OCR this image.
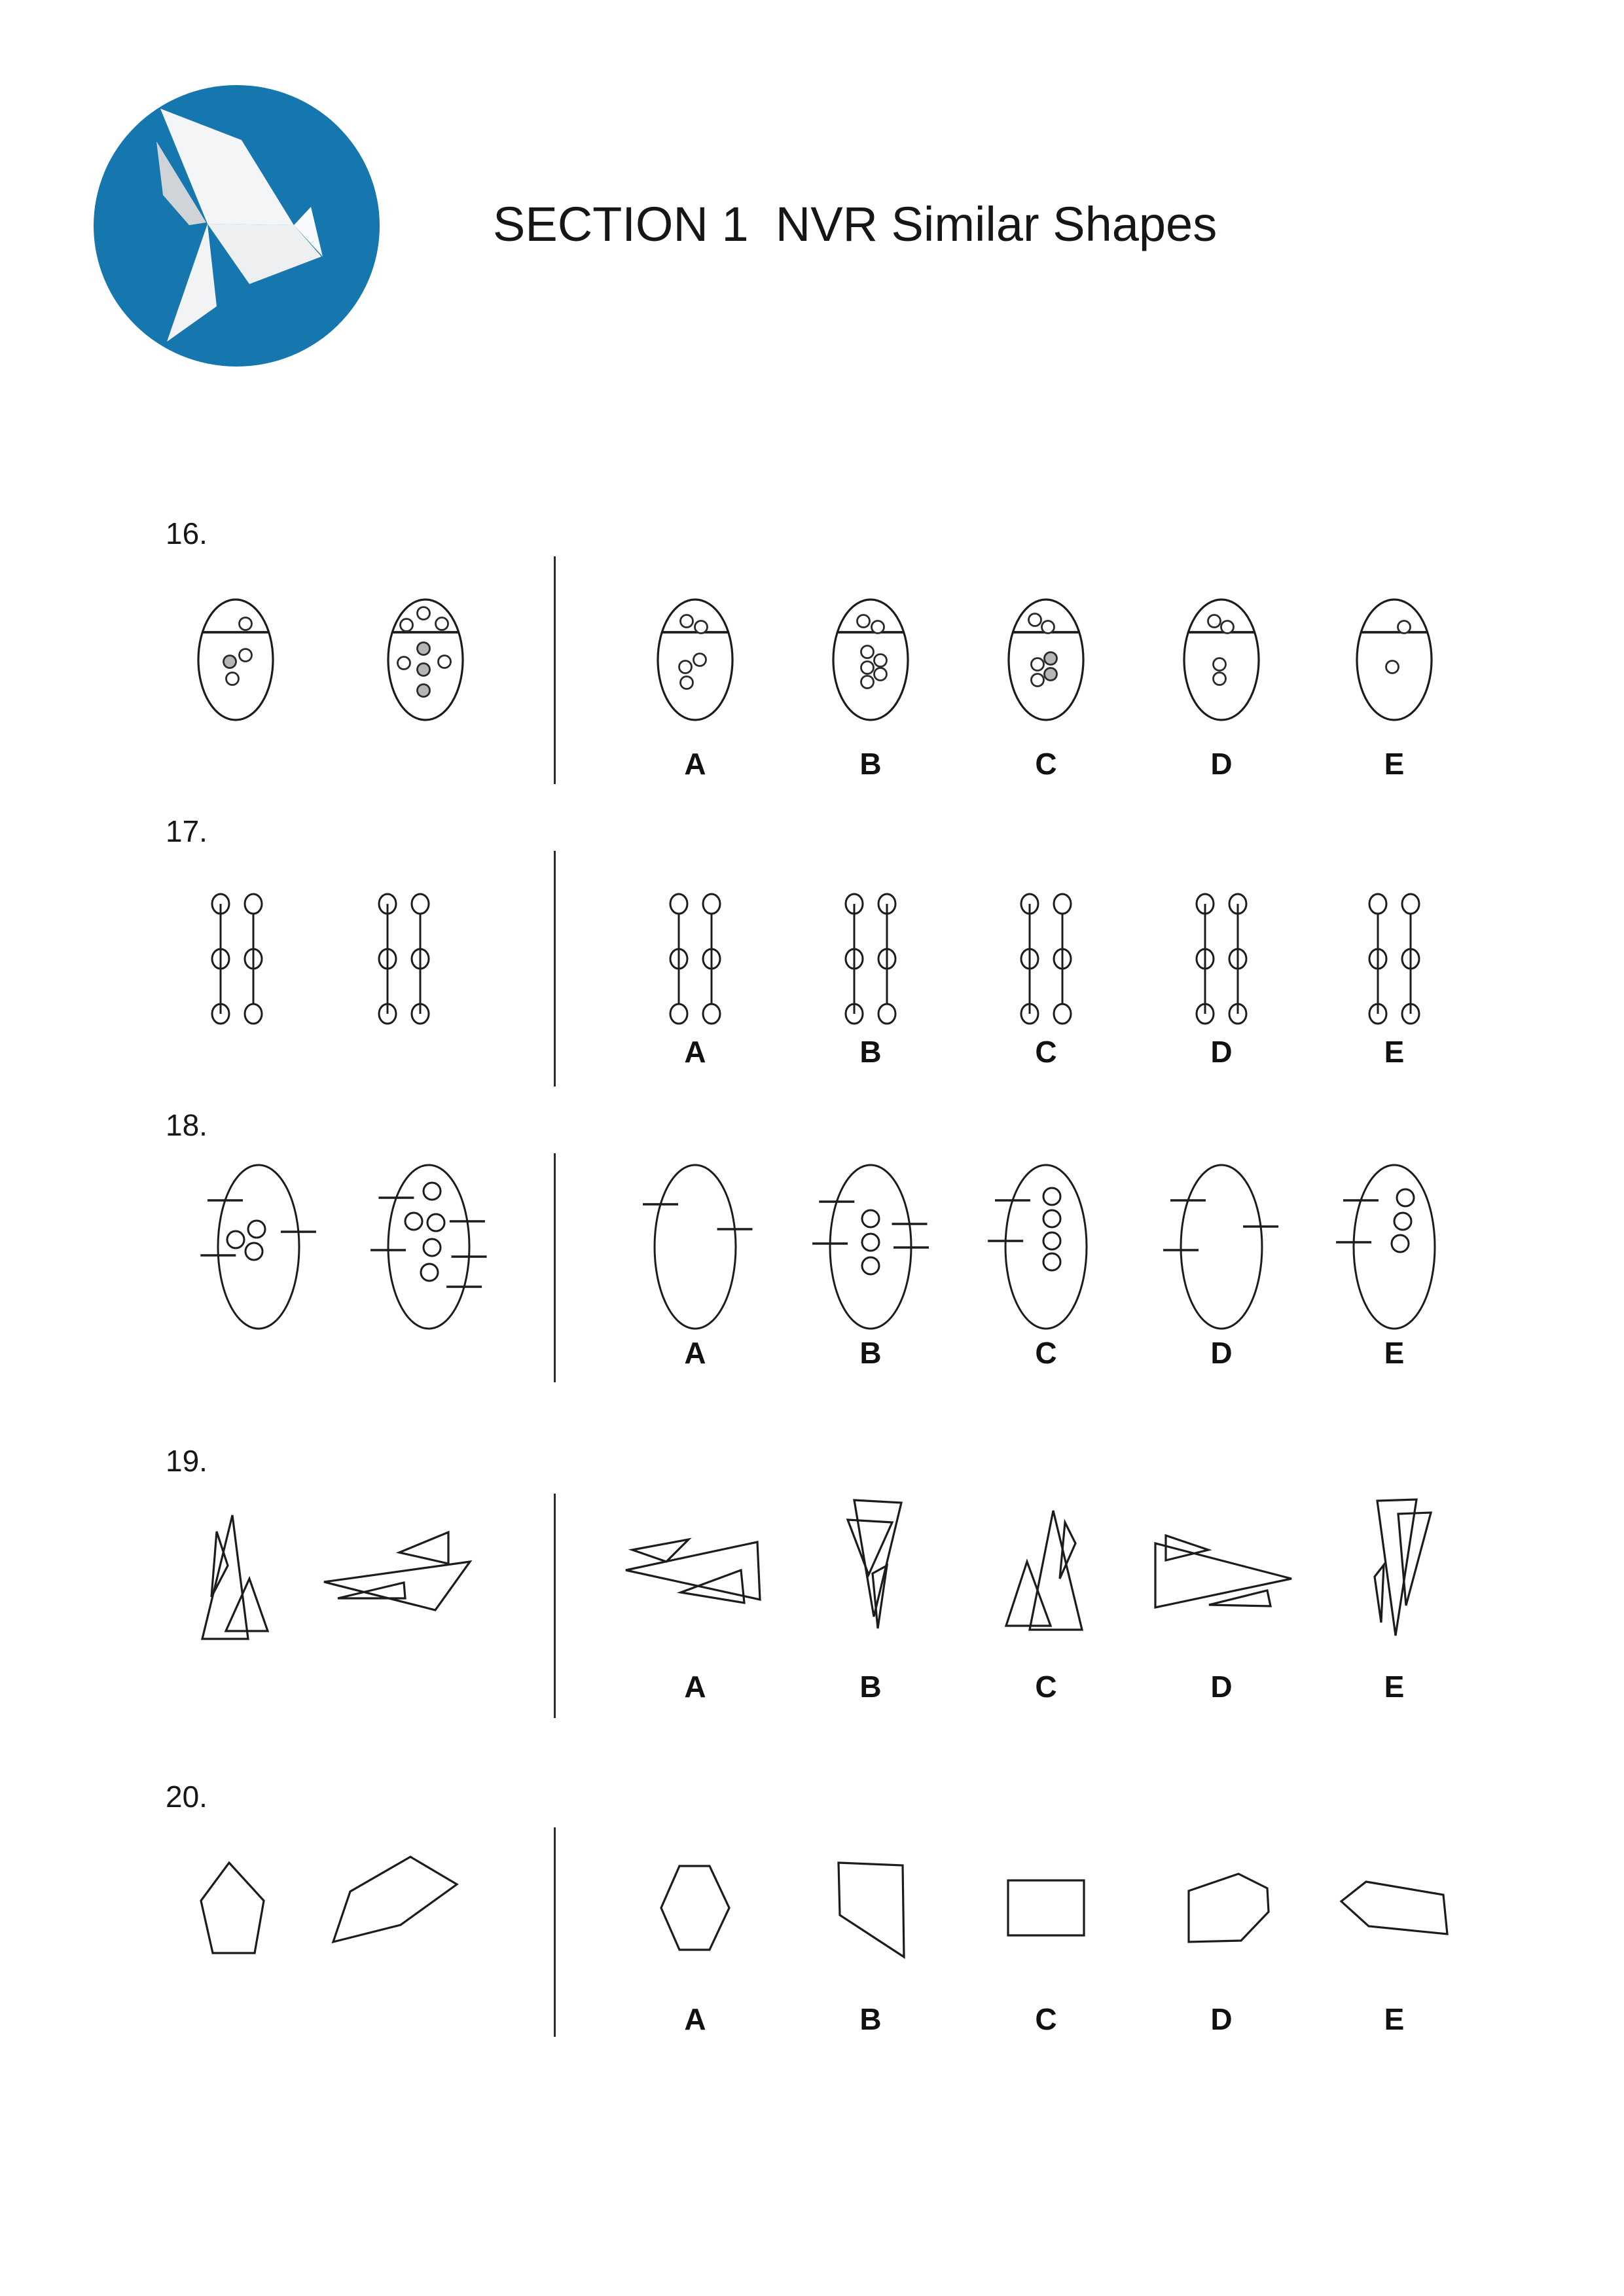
SECTION 1  NVR Similar Shapes
16.
17.
18.
19.
20.
A	B	C	D	E
A	B	C	D	E
A	B	C	D	E
A	B	C	D	E
A	B	C	D	E
